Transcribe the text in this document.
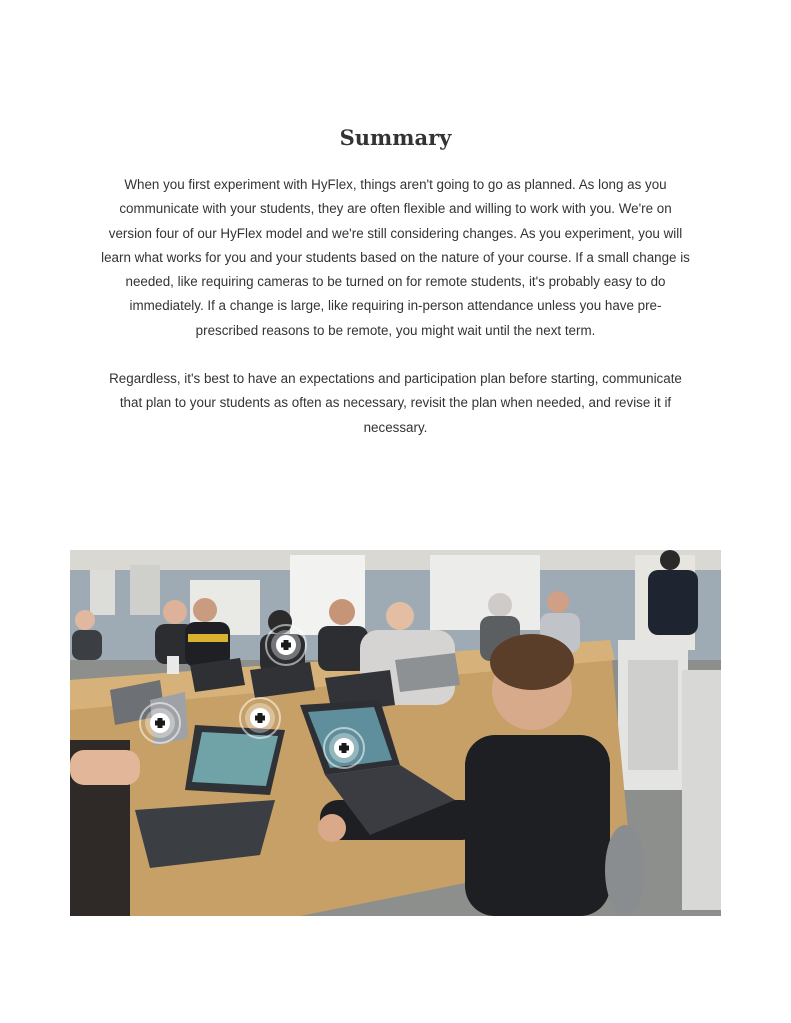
Summary

When you first experiment with HyFlex, things aren't going to go as planned. As long as you communicate with your students, they are often flexible and willing to work with you. We're on version four of our HyFlex model and we're still considering changes. As you experiment, you will learn what works for you and your students based on the nature of your course. If a small change is needed, like requiring cameras to be turned on for remote students, it's probably easy to do immediately. If a change is large, like requiring in-person attendance unless you have pre-prescribed reasons to be remote, you might wait until the next term.

Regardless, it's best to have an expectations and participation plan before starting, communicate that plan to your students as often as necessary, revisit the plan when needed, and revise it if necessary.
